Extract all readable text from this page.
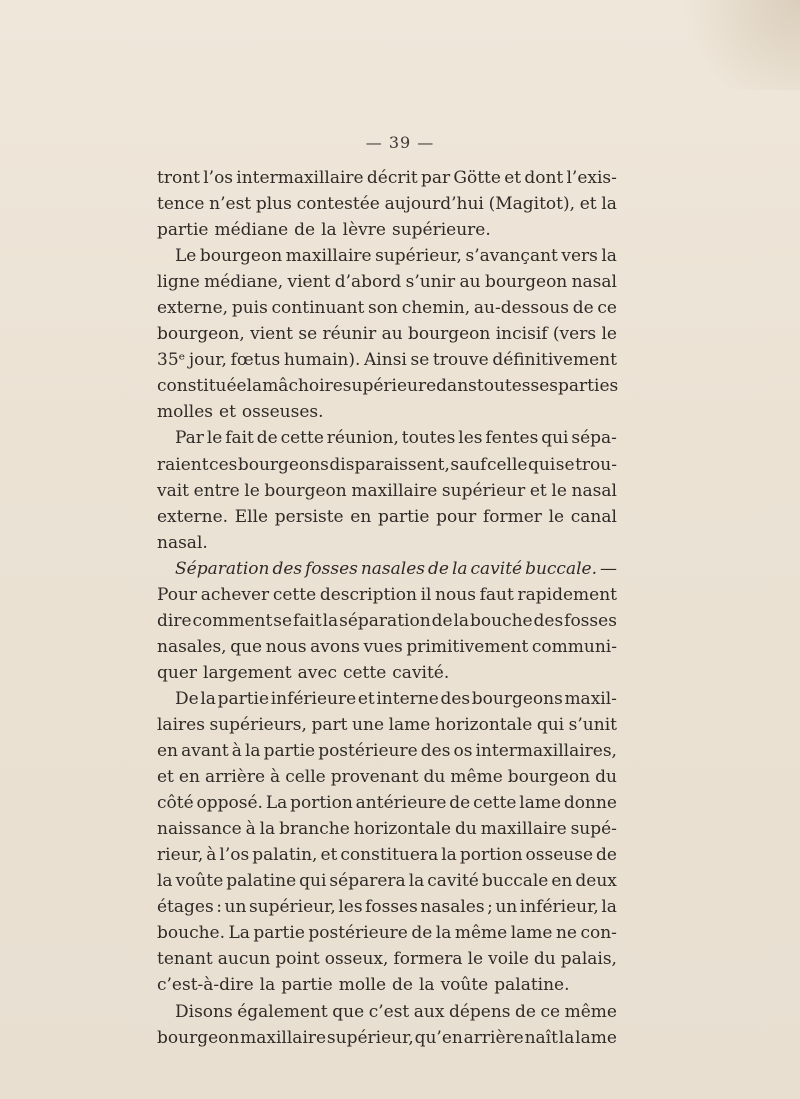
— 39 —
tront l’os intermaxillaire décrit par Götte et dont l’exis-
tence n’est plus contestée aujourd’hui (Magitot), et la
partie médiane de la lèvre supérieure.
Le bourgeon maxillaire supérieur, s’avançant vers la
ligne médiane, vient d’abord s’unir au bourgeon nasal
externe, puis continuant son chemin, au-dessous de ce
bourgeon, vient se réunir au bourgeon incisif (vers le
35ᵉ jour, fœtus humain). Ainsi se trouve définitivement
constituée la mâchoire supérieure dans toutes ses parties
molles et osseuses.
Par le fait de cette réunion, toutes les fentes qui sépa-
raient ces bourgeons disparaissent, sauf celle qui se trou-
vait entre le bourgeon maxillaire supérieur et le nasal
externe. Elle persiste en partie pour former le canal
nasal.
Séparation des fosses nasales de la cavité buccale. —
Pour achever cette description il nous faut rapidement
dire comment se fait la séparation de la bouche des fosses
nasales, que nous avons vues primitivement communi-
quer largement avec cette cavité.
De la partie inférieure et interne des bourgeons maxil-
laires supérieurs, part une lame horizontale qui s’unit
en avant à la partie postérieure des os intermaxillaires,
et en arrière à celle provenant du même bourgeon du
côté opposé. La portion antérieure de cette lame donne
naissance à la branche horizontale du maxillaire supé-
rieur, à l’os palatin, et constituera la portion osseuse de
la voûte palatine qui séparera la cavité buccale en deux
étages : un supérieur, les fosses nasales ; un inférieur, la
bouche. La partie postérieure de la même lame ne con-
tenant aucun point osseux, formera le voile du palais,
c’est-à-dire la partie molle de la voûte palatine.
Disons également que c’est aux dépens de ce même
bourgeon maxillaire supérieur, qu’en arrière naît la lame
